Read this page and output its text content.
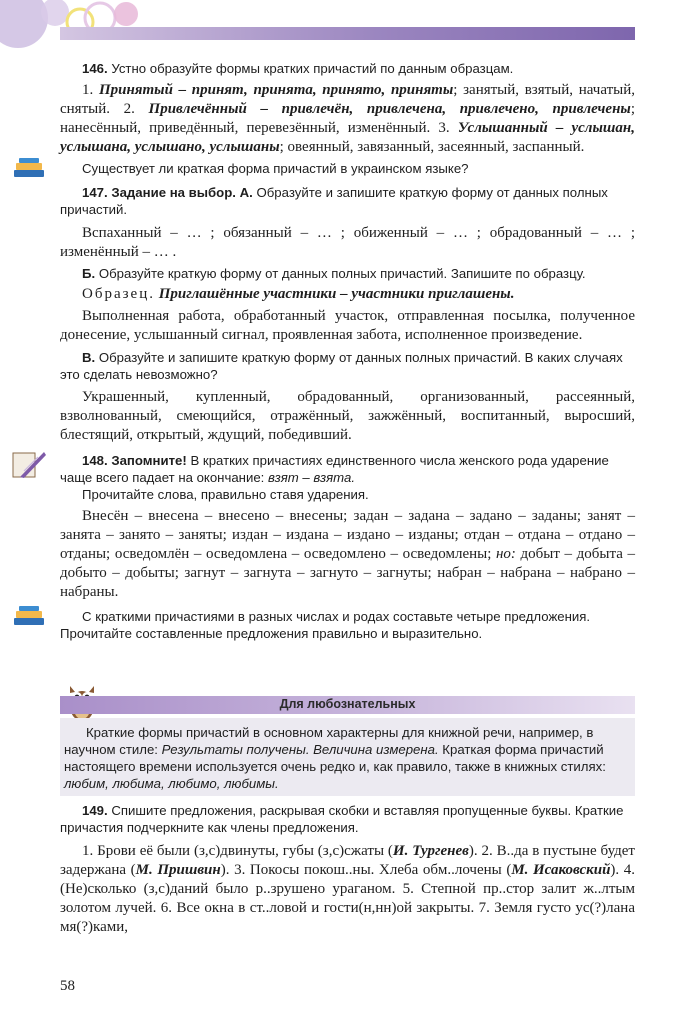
146. Устно образуйте формы кратких причастий по данным образцам.

1. Принятый – принят, принята, принято, приняты; занятый, взятый, начатый, снятый. 2. Привлечённый – привлечён, привлечена, привлечено, привлечены; нанесённый, приведённый, перевезённый, изменённый. 3. Услышанный – услышан, услышана, услышано, услышаны; овеянный, завязанный, засеянный, заспанный.

Существует ли краткая форма причастий в украинском языке?

147. Задание на выбор. А. Образуйте и запишите краткую форму от данных полных причастий.

Вспаханный – … ; обязанный – … ; обиженный – … ; обрадованный – … ; изменённый – … .

Б. Образуйте краткую форму от данных полных причастий. Запишите по образцу.

Образец. Приглашённые участники – участники приглашены.

Выполненная работа, обработанный участок, отправленная посылка, полученное донесение, услышанный сигнал, проявленная забота, исполненное произведение.

В. Образуйте и запишите краткую форму от данных полных причастий. В каких случаях это сделать невозможно?

Украшенный, купленный, обрадованный, организованный, рассеянный, взволнованный, смеющийся, отражённый, зажжённый, воспитанный, выросший, блестящий, открытый, ждущий, победивший.

148. Запомните! В кратких причастиях единственного числа женского рода ударение чаще всего падает на окончание: взят – взята.

Прочитайте слова, правильно ставя ударения.

Внесён – внесена – внесено – внесены; задан – задана – задано – заданы; занят – занята – занято – заняты; издан – издана – издано – изданы; отдан – отдана – отдано – отданы; осведомлён – осведомлена – осведомлено – осведомлены; но: добыт – добыта – добыто – добыты; загнут – загнута – загнуто – загнуты; набран – набрана – набрано – набраны.

С краткими причастиями в разных числах и родах составьте четыре предложения. Прочитайте составленные предложения правильно и выразительно.

Для любознательных

Краткие формы причастий в основном характерны для книжной речи, например, в научном стиле: Результаты получены. Величина измерена. Краткая форма причастий настоящего времени используется очень редко и, как правило, также в книжных стилях: любим, любима, любимо, любимы.

149. Спишите предложения, раскрывая скобки и вставляя пропущенные буквы. Краткие причастия подчеркните как члены предложения.

1. Брови её были (з,с)двинуты, губы (з,с)сжаты (И. Тургенев). 2. В..да в пустыне будет задержана (М. Пришвин). 3. Покосы покош..ны. Хлеба обм..лочены (М. Исаковский). 4. (Не)сколько (з,с)даний было р..зрушено ураганом. 5. Степной пр..стор залит ж..лтым золотом лучей. 6. Все окна в ст..ловой и гости(н,нн)ой закрыты. 7. Земля густо ус(?)лана мя(?)ками,

58
